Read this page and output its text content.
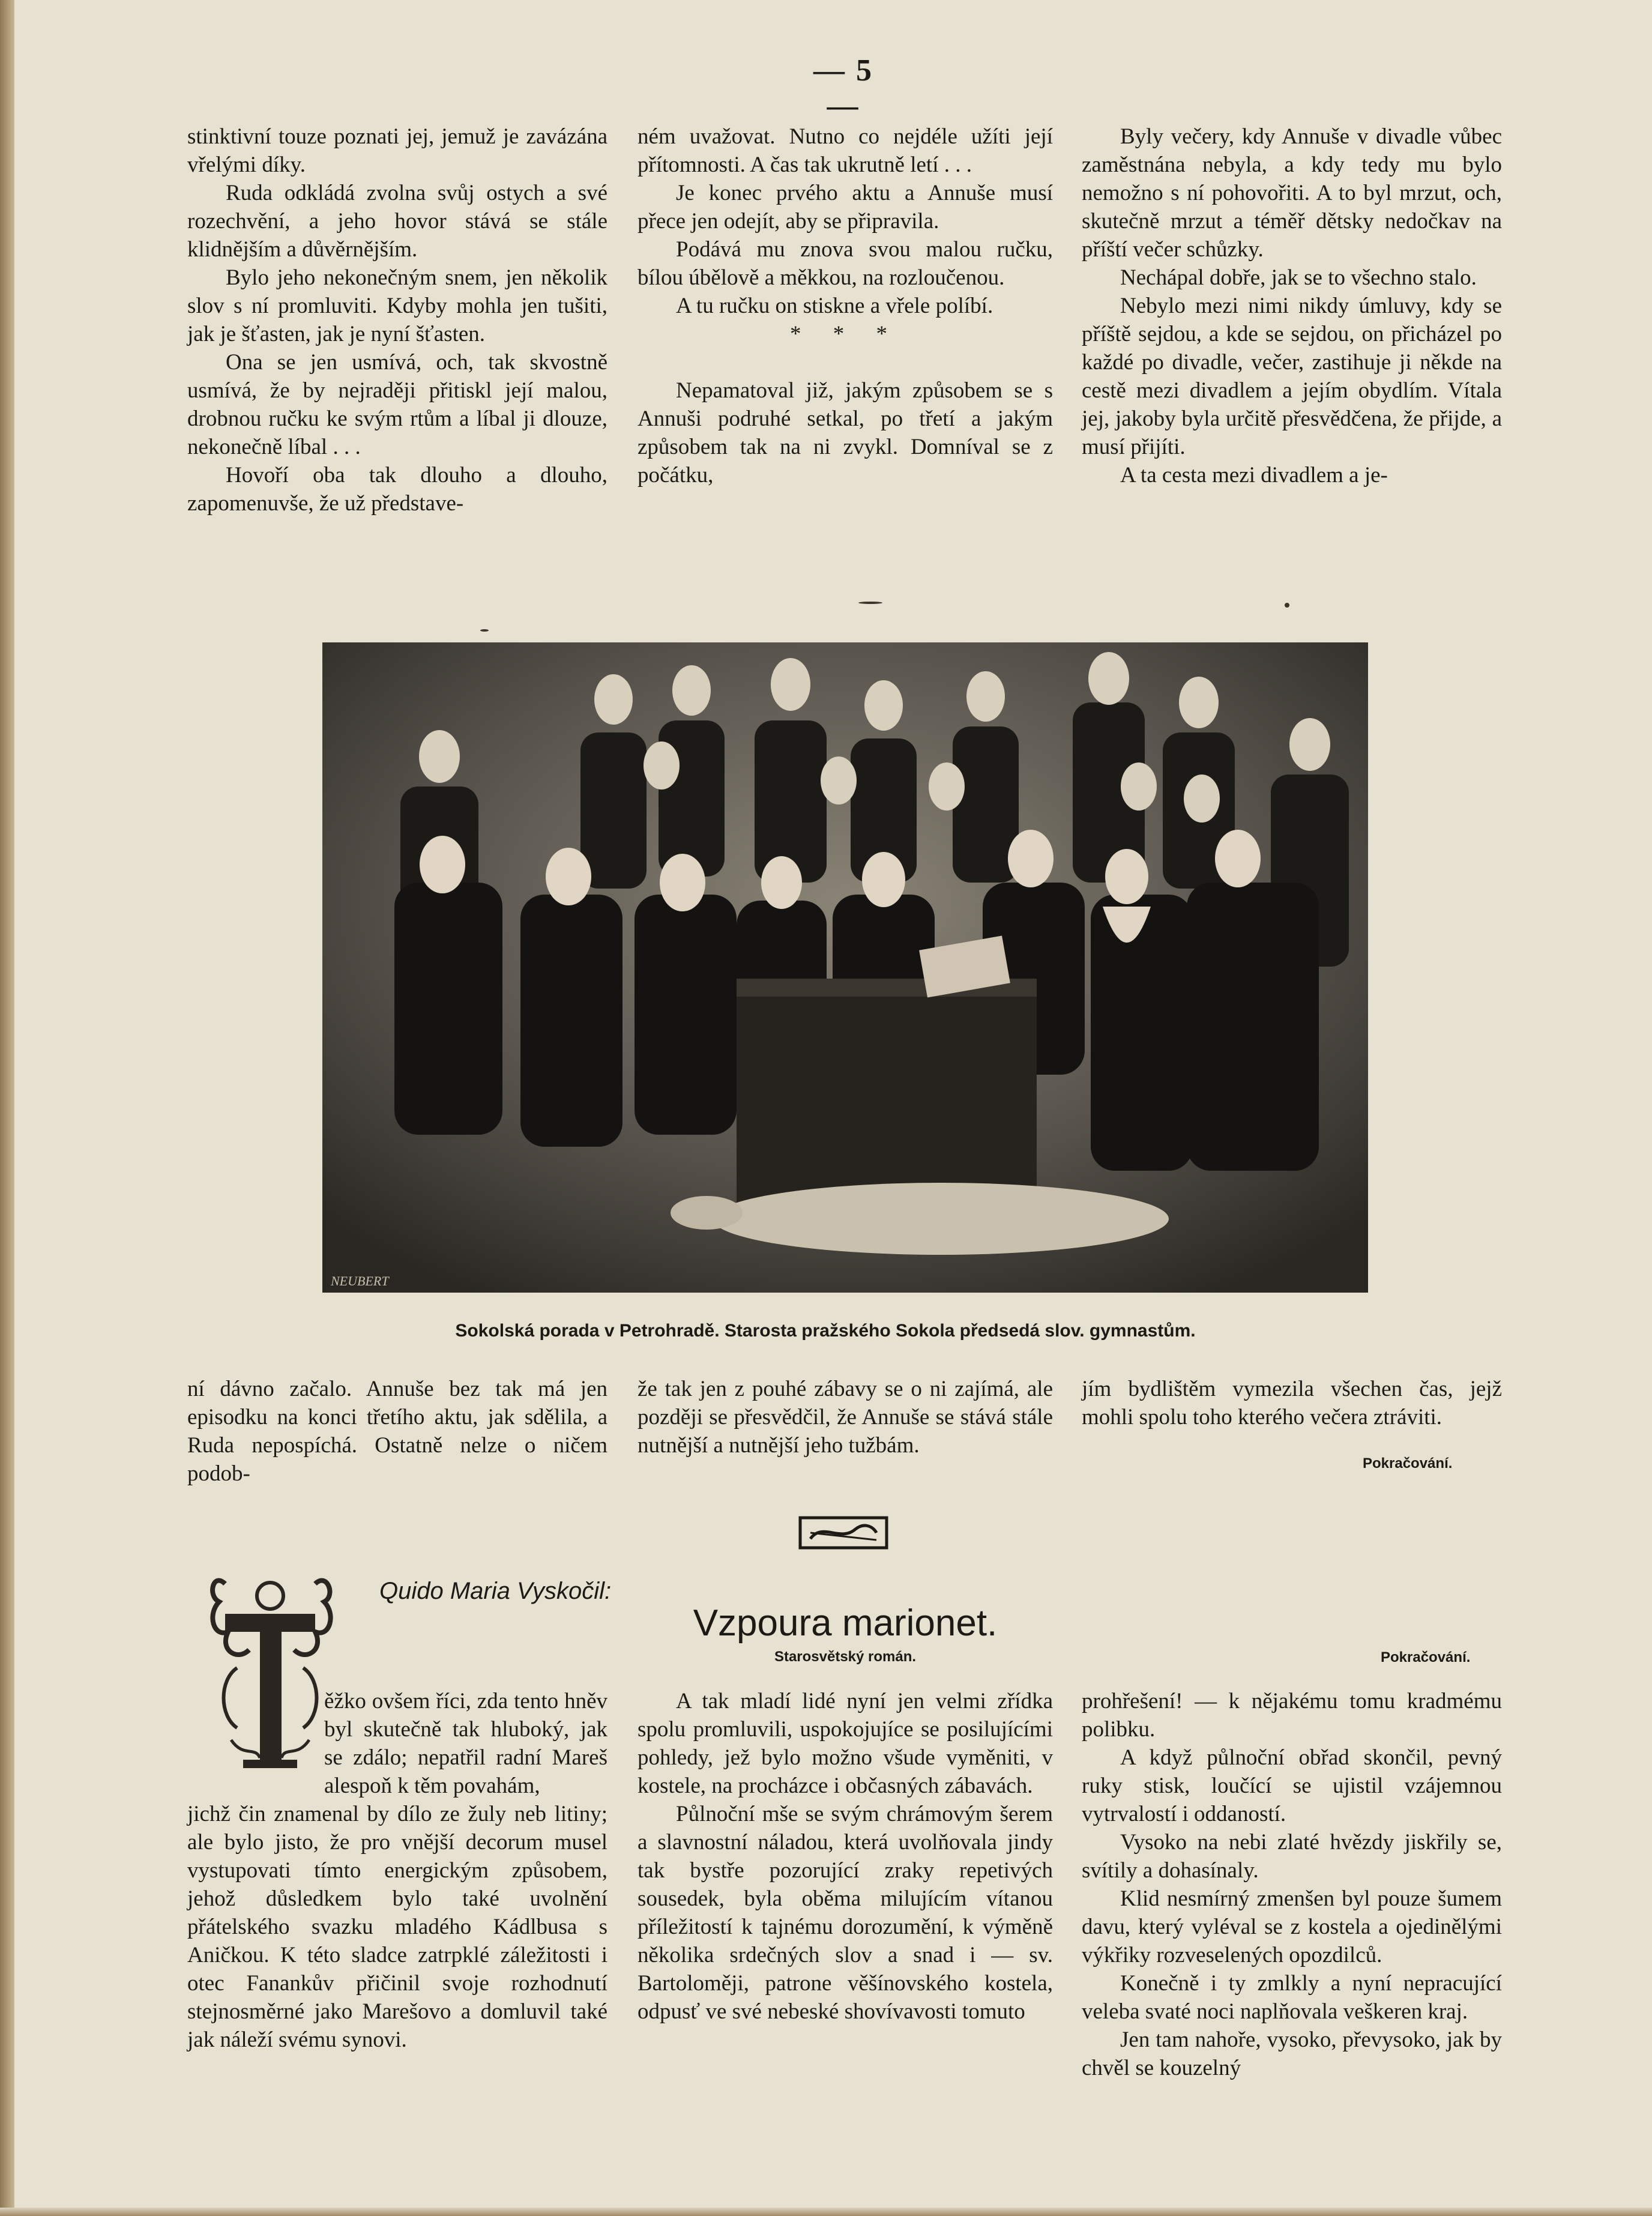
— 5 —

stinktivní touze poznati jej, jemuž je zavázána vřelými díky.

Ruda odkládá zvolna svůj ostych a své rozechvění, a jeho hovor stává se stále klidnějším a důvěrnějším.

Bylo jeho nekonečným snem, jen několik slov s ní promluviti. Kdyby mohla jen tušiti, jak je šťasten, jak je nyní šťasten.

Ona se jen usmívá, och, tak skvostně usmívá, že by nejraději přitiskl její malou, drobnou ručku ke svým rtům a líbal ji dlouze, nekonečně líbal . . .

Hovoří oba tak dlouho a dlouho, zapomenuvše, že už představe-

ném uvažovat. Nutno co nejdéle užíti její přítomnosti. A čas tak ukrutně letí . . .

Je konec prvého aktu a Annuše musí přece jen odejít, aby se připravila.

Podává mu znova svou malou ručku, bílou úbělově a měkkou, na rozloučenou.

A tu ručku on stiskne a vřele políbí.

* * *

Nepamatoval již, jakým způsobem se s Annuši podruhé setkal, po třetí a jakým způsobem tak na ni zvykl. Domníval se z počátku,

Byly večery, kdy Annuše v divadle vůbec zaměstnána nebyla, a kdy tedy mu bylo nemožno s ní pohovořiti. A to byl mrzut, och, skutečně mrzut a téměř dětsky nedočkav na příští večer schůzky.

Nechápal dobře, jak se to všechno stalo.

Nebylo mezi nimi nikdy úmluvy, kdy se příště sejdou, a kde se sejdou, on přicházel po každé po divadle, večer, zastihuje ji někde na cestě mezi divadlem a jejím obydlím. Vítala jej, jakoby byla určitě přesvědčena, že přijde, a musí přijíti.

A ta cesta mezi divadlem a je-

NEUBERT
Sokolská porada v Petrohradě. Starosta pražského Sokola předsedá slov. gymnastům.

ní dávno začalo. Annuše bez tak má jen episodku na konci třetího aktu, jak sdělila, a Ruda nepospíchá. Ostatně nelze o ničem podob-

že tak jen z pouhé zábavy se o ni zajímá, ale později se přesvědčil, že Annuše se stává stále nutnější a nutnější jeho tužbám.

jím bydlištěm vymezila všechen čas, jejž mohli spolu toho kterého večera ztráviti.

Pokračování.
Quido Maria Vyskočil:
Vzpoura marionet.
Starosvětský román.	Pokračování.

ěžko ovšem říci, zda tento hněv byl skutečně tak hluboký, jak se zdálo; nepatřil radní Mareš alespoň k těm povahám,

jichž čin znamenal by dílo ze žuly neb litiny; ale bylo jisto, že pro vnější decorum musel vystupovati tímto energickým způsobem, jehož důsledkem bylo také uvolnění přátelského svazku mladého Kádlbusa s Aničkou. K této sladce zatrpklé záležitosti i otec Fanankův přičinil svoje rozhodnutí stejnosměrné jako Marešovo a domluvil také jak náleží svému synovi.

A tak mladí lidé nyní jen velmi zřídka spolu promluvili, uspokojujíce se posilujícími pohledy, jež bylo možno všude vyměniti, v kostele, na procházce i občasných zábavách.

Půlnoční mše se svým chrámovým šerem a slavnostní náladou, která uvolňovala jindy tak bystře pozorující zraky repetivých sousedek, byla oběma milujícím vítanou příležitostí k tajnému dorozumění, k výměně několika srdečných slov a snad i — sv. Bartoloměji, patrone věšínovského kostela, odpusť ve své nebeské shovívavosti tomuto

prohřešení! — k nějakému tomu kradmému polibku.

A když půlnoční obřad skončil, pevný ruky stisk, loučící se ujistil vzájemnou vytrvalostí i oddaností.

Vysoko na nebi zlaté hvězdy jiskřily se, svítily a dohasínaly.

Klid nesmírný zmenšen byl pouze šumem davu, který vyléval se z kostela a ojedinělými výkřiky rozveselených opozdilců.

Konečně i ty zmlkly a nyní nepracující veleba svaté noci naplňovala veškeren kraj.

Jen tam nahoře, vysoko, převysoko, jak by chvěl se kouzelný
